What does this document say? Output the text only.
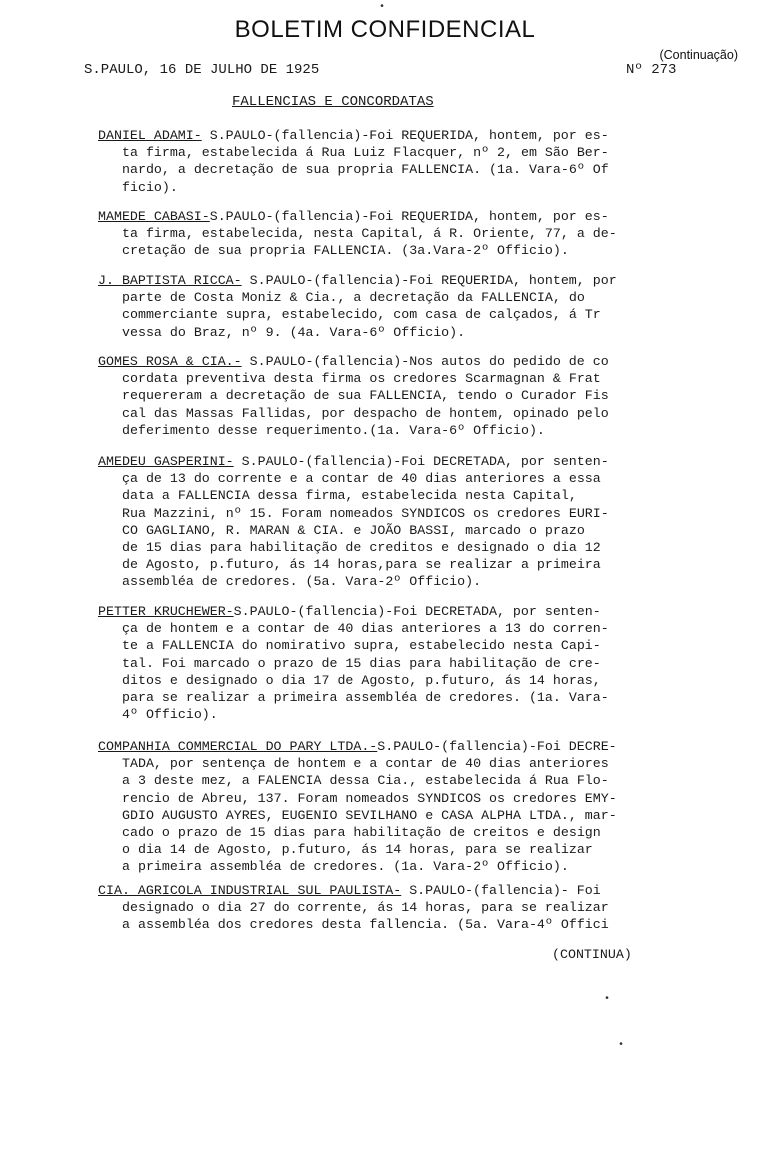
BOLETIM CONFIDENCIAL
(Continuação)
S.PAULO, 16 DE JULHO DE 1925	Nº 273
FALLENCIAS E CONCORDATAS
DANIEL ADAMI- S.PAULO-(fallencia)-Foi REQUERIDA, hontem, por es-
ta firma, estabelecida á Rua Luiz Flacquer, nº 2, em São Ber-
nardo, a decretação de sua propria FALLENCIA. (1a. Vara-6º Of
ficio).
MAMEDE CABASI-S.PAULO-(fallencia)-Foi REQUERIDA, hontem, por es-
ta firma, estabelecida, nesta Capital, á R. Oriente, 77, a de-
cretação de sua propria FALLENCIA. (3a.Vara-2º Officio).
J. BAPTISTA RICCA- S.PAULO-(fallencia)-Foi REQUERIDA, hontem, por
parte de Costa Moniz & Cia., a decretação da FALLENCIA, do
commerciante supra, estabelecido, com casa de calçados, á Tr
vessa do Braz, nº 9. (4a. Vara-6º Officio).
GOMES ROSA & CIA.- S.PAULO-(fallencia)-Nos autos do pedido de co
cordata preventiva desta firma os credores Scarmagnan & Frat
requereram a decretação de sua FALLENCIA, tendo o Curador Fis
cal das Massas Fallidas, por despacho de hontem, opinado pelo
deferimento desse requerimento.(1a. Vara-6º Officio).
AMEDEU GASPERINI- S.PAULO-(fallencia)-Foi DECRETADA, por senten-
ça de 13 do corrente e a contar de 40 dias anteriores a essa
data a FALLENCIA dessa firma, estabelecida nesta Capital,
Rua Mazzini, nº 15. Foram nomeados SYNDICOS os credores EURI-
CO GAGLIANO, R. MARAN & CIA. e JOÃO BASSI, marcado o prazo
de 15 dias para habilitação de creditos e designado o dia 12
de Agosto, p.futuro, ás 14 horas,para se realizar a primeira
assembléa de credores. (5a. Vara-2º Officio).
PETTER KRUCHEWER-S.PAULO-(fallencia)-Foi DECRETADA, por senten-
ça de hontem e a contar de 40 dias anteriores a 13 do corren-
te a FALLENCIA do nomirativo supra, estabelecido nesta Capi-
tal. Foi marcado o prazo de 15 dias para habilitação de cre-
ditos e designado o dia 17 de Agosto, p.futuro, ás 14 horas,
para se realizar a primeira assembléa de credores. (1a. Vara-
4º Officio).
COMPANHIA COMMERCIAL DO PARY LTDA.-S.PAULO-(fallencia)-Foi DECRE-
TADA, por sentença de hontem e a contar de 40 dias anteriores
a 3 deste mez, a FALENCIA dessa Cia., estabelecida á Rua Flo-
rencio de Abreu, 137. Foram nomeados SYNDICOS os credores EMY-
GDIO AUGUSTO AYRES, EUGENIO SEVILHANO e CASA ALPHA LTDA., mar-
cado o prazo de 15 dias para habilitação de creitos e design
o dia 14 de Agosto, p.futuro, ás 14 horas, para se realizar
a primeira assembléa de credores. (1a. Vara-2º Officio).
CIA. AGRICOLA INDUSTRIAL SUL PAULISTA- S.PAULO-(fallencia)- Foi
designado o dia 27 do corrente, ás 14 horas, para se realizar
a assembléa dos credores desta fallencia. (5a. Vara-4º Offici
(CONTINUA)
•
•
•
